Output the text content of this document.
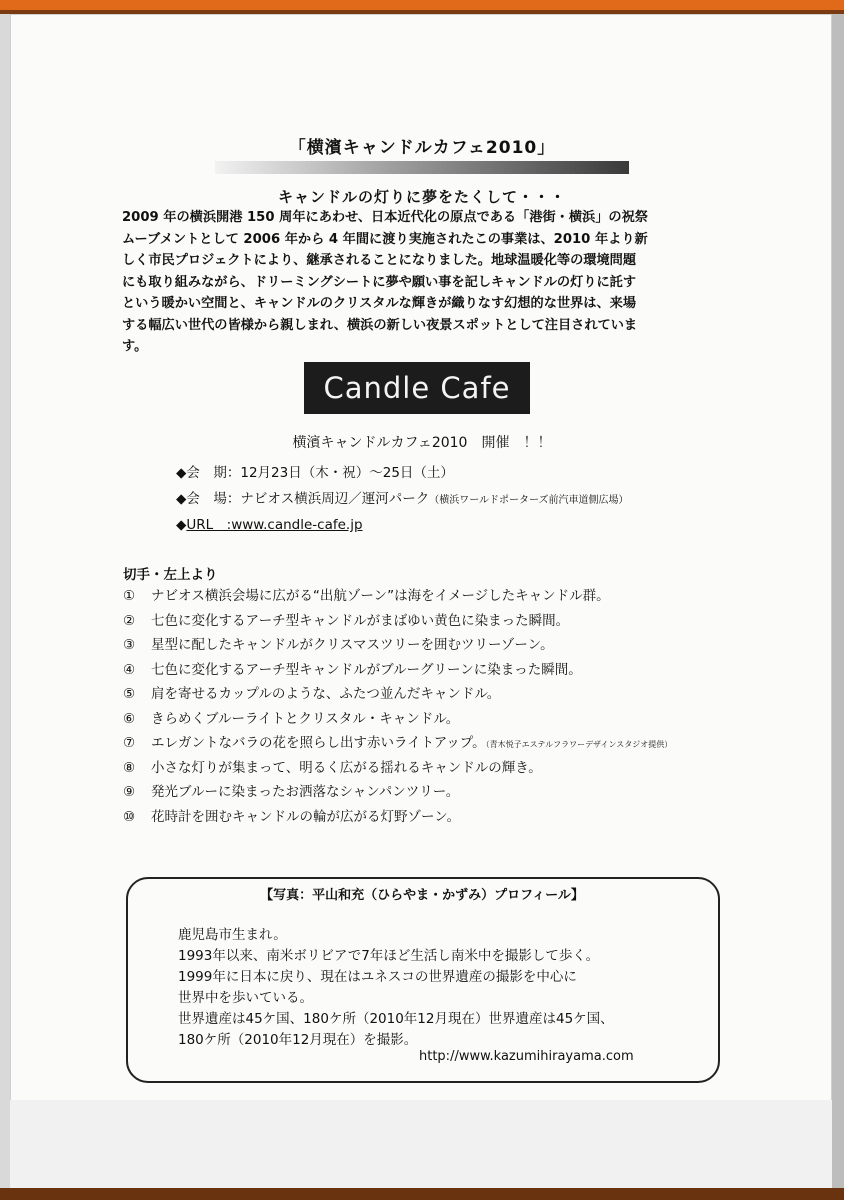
「横濱キャンドルカフェ2010」
キャンドルの灯りに夢をたくして・・・

2009 年の横浜開港 150 周年にあわせ、日本近代化の原点である「港街・横浜」の祝祭

ムーブメントとして 2006 年から 4 年間に渡り実施されたこの事業は、2010 年より新

しく市民プロジェクトにより、継承されることになりました。地球温暖化等の環境問題

にも取り組みながら、ドリーミングシートに夢や願い事を記しキャンドルの灯りに託す

という暖かい空間と、キャンドルのクリスタルな輝きが織りなす幻想的な世界は、来場

する幅広い世代の皆様から親しまれ、横浜の新しい夜景スポットとして注目されていま

す。

Candle Cafe
横濱キャンドルカフェ2010　開催　！！
◆会　期：12月23日（木・祝）～25日（土）
◆会　場：ナビオス横浜周辺／運河パーク（横浜ワールドポーターズ前汽車道側広場）
◆URL　:www.candle-cafe.jp
切手・左上より
① ナビオス横浜会場に広がる“出航ゾーン”は海をイメージしたキャンドル群。
② 七色に変化するアーチ型キャンドルがまばゆい黄色に染まった瞬間。
③ 星型に配したキャンドルがクリスマスツリーを囲むツリーゾーン。
④ 七色に変化するアーチ型キャンドルがブルーグリーンに染まった瞬間。
⑤ 肩を寄せるカップルのような、ふたつ並んだキャンドル。
⑥ きらめくブルーライトとクリスタル・キャンドル。
⑦ エレガントなバラの花を照らし出す赤いライトアップ。（青木悦子エステルフラワーデザインスタジオ提供）
⑧ 小さな灯りが集まって、明るく広がる揺れるキャンドルの輝き。
⑨ 発光ブルーに染まったお洒落なシャンパンツリー。
⑩ 花時計を囲むキャンドルの輪が広がる灯野ゾーン。
【写真：平山和充（ひらやま・かずみ）プロフィール】
鹿児島市生まれ。
1993年以来、南米ボリビアで7年ほど生活し南米中を撮影して歩く。
1999年に日本に戻り、現在はユネスコの世界遺産の撮影を中心に
世界中を歩いている。
世界遺産は45ケ国、180ケ所（2010年12月現在）世界遺産は45ケ国、
180ケ所（2010年12月現在）を撮影。
http://www.kazumihirayama.com
